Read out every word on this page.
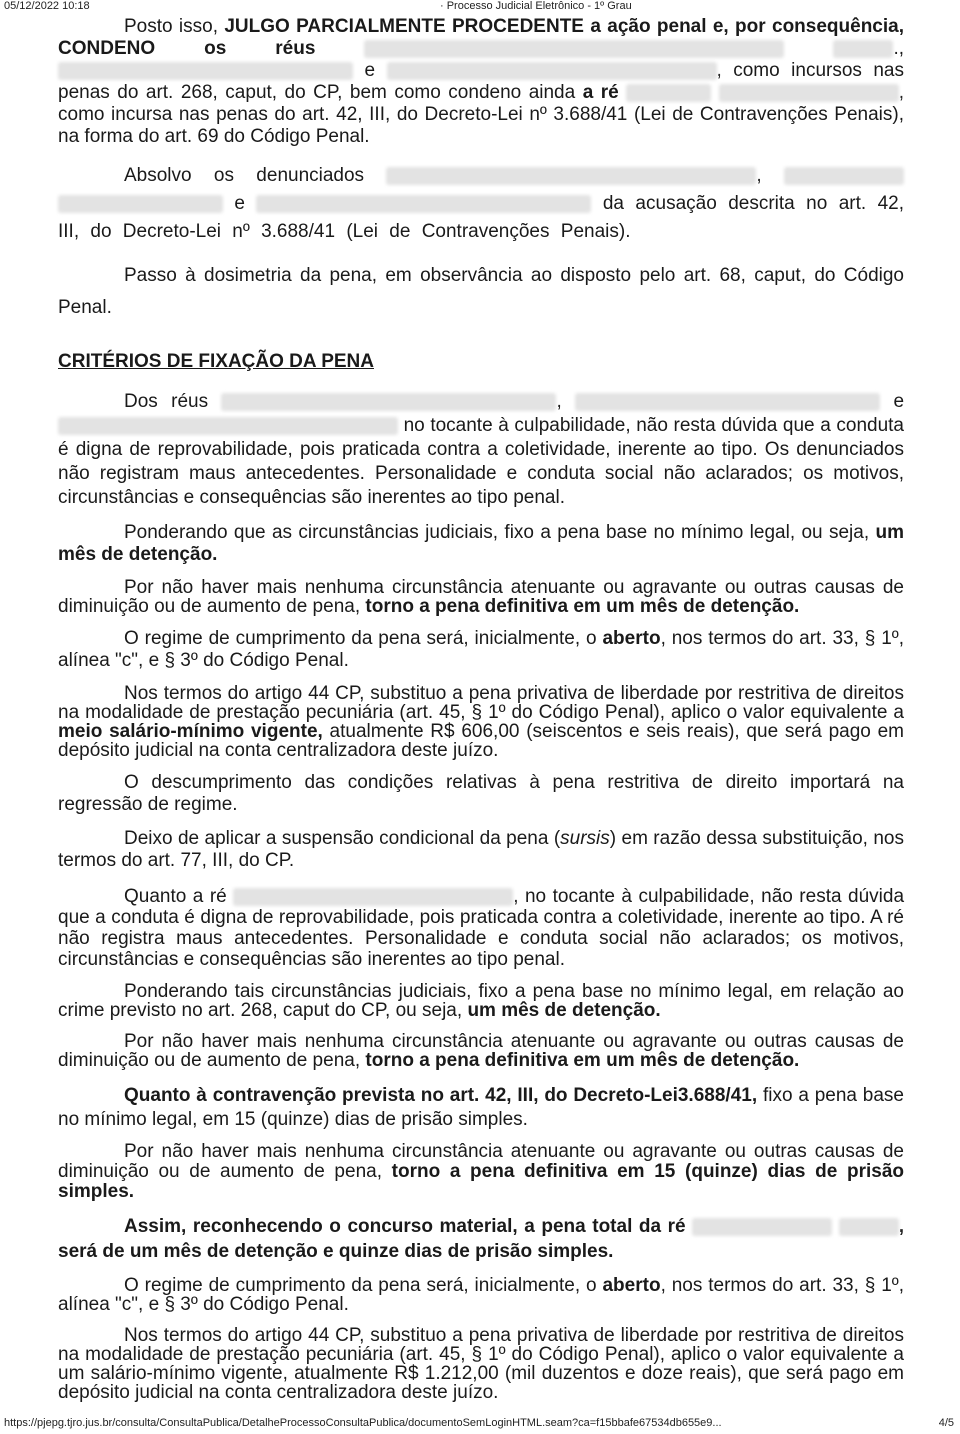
05/12/2022 10:18	· Processo Judicial Eletrônico - 1º Grau

Posto isso, JULGO PARCIALMENTE PROCEDENTE a ação penal e, por consequência, CONDENO os réus	.,  e	, como incursos nas penas do art. 268, caput, do CP, bem como condeno ainda a ré	, como incursa nas penas do art. 42, III, do Decreto-Lei nº 3.688/41 (Lei de Contravenções Penais), na forma do art. 69 do Código Penal.

Absolvo os denunciados	,   e	da acusação descrita no art. 42, III, do Decreto-Lei nº 3.688/41 (Lei de Contravenções Penais).

Passo à dosimetria da pena, em observância ao disposto pelo art. 68, caput, do Código Penal.

CRITÉRIOS DE FIXAÇÃO DA PENA

Dos réus	,	e  no tocante à culpabilidade, não resta dúvida que a conduta é digna de reprovabilidade, pois praticada contra a coletividade, inerente ao tipo. Os denunciados não registram maus antecedentes. Personalidade e conduta social não aclarados; os motivos, circunstâncias e consequências são inerentes ao tipo penal.

Ponderando que as circunstâncias judiciais, fixo a pena base no mínimo legal, ou seja, um mês de detenção.

Por não haver mais nenhuma circunstância atenuante ou agravante ou outras causas de diminuição ou de aumento de pena, torno a pena definitiva em um mês de detenção.

O regime de cumprimento da pena será, inicialmente, o aberto, nos termos do art. 33, § 1º, alínea "c", e § 3º do Código Penal.

Nos termos do artigo 44 CP, substituo a pena privativa de liberdade por restritiva de direitos na modalidade de prestação pecuniária (art. 45, § 1º do Código Penal), aplico o valor equivalente a meio salário-mínimo vigente, atualmente R$ 606,00 (seiscentos e seis reais), que será pago em depósito judicial na conta centralizadora deste juízo.

O descumprimento das condições relativas à pena restritiva de direito importará na regressão de regime.

Deixo de aplicar a suspensão condicional da pena (sursis) em razão dessa substituição, nos termos do art. 77, III, do CP.

Quanto a ré	, no tocante à culpabilidade, não resta dúvida que a conduta é digna de reprovabilidade, pois praticada contra a coletividade, inerente ao tipo. A ré não registra maus antecedentes. Personalidade e conduta social não aclarados; os motivos, circunstâncias e consequências são inerentes ao tipo penal.

Ponderando tais circunstâncias judiciais, fixo a pena base no mínimo legal, em relação ao crime previsto no art. 268, caput do CP, ou seja, um mês de detenção.

Por não haver mais nenhuma circunstância atenuante ou agravante ou outras causas de diminuição ou de aumento de pena, torno a pena definitiva em um mês de detenção.

Quanto à contravenção prevista no art. 42, III, do Decreto-Lei3.688/41, fixo a pena base no mínimo legal, em 15 (quinze) dias de prisão simples.

Por não haver mais nenhuma circunstância atenuante ou agravante ou outras causas de diminuição ou de aumento de pena, torno a pena definitiva em 15 (quinze) dias de prisão simples.

Assim, reconhecendo o concurso material, a pena total da ré	, será de um mês de detenção e quinze dias de prisão simples.

O regime de cumprimento da pena será, inicialmente, o aberto, nos termos do art. 33, § 1º, alínea "c", e § 3º do Código Penal.

Nos termos do artigo 44 CP, substituo a pena privativa de liberdade por restritiva de direitos na modalidade de prestação pecuniária (art. 45, § 1º do Código Penal), aplico o valor equivalente a um salário-mínimo vigente, atualmente R$ 1.212,00 (mil duzentos e doze reais), que será pago em depósito judicial na conta centralizadora deste juízo.

https://pjepg.tjro.jus.br/consulta/ConsultaPublica/DetalheProcessoConsultaPublica/documentoSemLoginHTML.seam?ca=f15bbafe67534db655e9...	4/5
